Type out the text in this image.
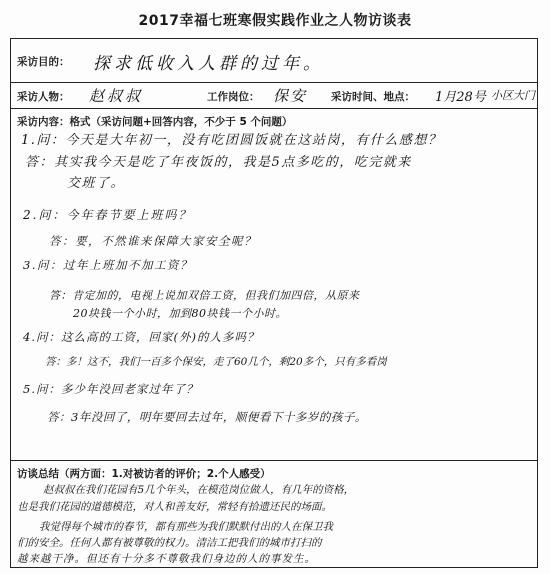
2017幸福七班寒假实践作业之人物访谈表
采访目的： 探求低收入人群的过年。
采访人物： 赵叔叔	工作岗位： 保安 采访时间、地点： 1月28号 小区大门
采访内容：格式（采访问题+回答内容，不少于 5 个问题）
1.问：今天是大年初一，没有吃团圆饭就在这站岗，有什么感想？
答：其实我今天是吃了年夜饭的，我是5点多吃的，吃完就来
交班了。
2.问：今年春节要上班吗？
答：要，不然谁来保障大家安全呢？
3.问：过年上班加不加工资？
答：肯定加的，电视上说加双倍工资，但我们加四倍，从原来
20块钱一个小时，加到80块钱一个小时。
4.问：这么高的工资，回家(外)的人多吗？
答：多！这不，我们一百多个保安，走了60几个，剩20多个，只有多看岗
5.问：多少年没回老家过年了？
答：3年没回了，明年要回去过年，顺便看下十多岁的孩子。
访谈总结（两方面：1.对被访者的评价；2.个人感受）
赵叔叔在我们花园有5几个年头，在模范岗位做人，有几年的资格，
也是我们花园的道德模范，对人和善友好，常轻有拾遗还民的场面。
我觉得每个城市的春节，都有那些为我们默默付出的人在保卫我
们的安全。任何人都有被尊敬的权力。清洁工把我们的城市打扫的
越来越干净。但还有十分多不尊敬我们身边的人的事发生。
